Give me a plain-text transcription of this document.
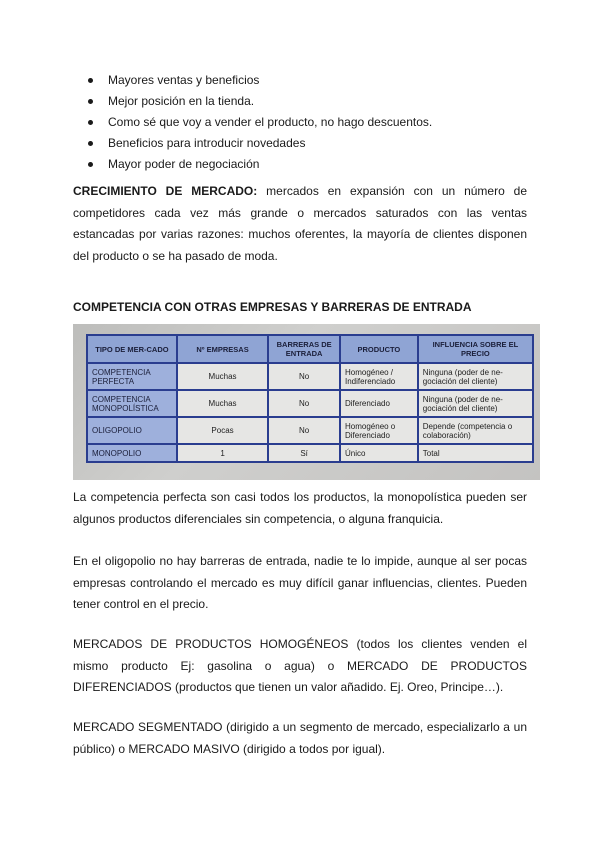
Mayores ventas y beneficios
Mejor posición en la tienda.
Como sé que voy a vender el producto, no hago descuentos.
Beneficios para introducir novedades
Mayor poder de negociación

CRECIMIENTO DE MERCADO: mercados en expansión con un número de competidores cada vez más grande o mercados saturados con las ventas estancadas por varias razones: muchos oferentes, la mayoría de clientes disponen del producto o se ha pasado de moda.

COMPETENCIA CON OTRAS EMPRESAS Y BARRERAS DE ENTRADA
TIPO DE MER-CADO	Nº EMPRESAS	BARRERAS DE ENTRADA	PRODUCTO	INFLUENCIA SOBRE EL PRECIO
COMPETENCIA PERFECTA	Muchas	No	Homogéneo / Indiferenciado	Ninguna (poder de ne-gociación del cliente)
COMPETENCIA MONOPOLÍSTICA	Muchas	No	Diferenciado	Ninguna (poder de ne-gociación del cliente)
OLIGOPOLIO	Pocas	No	Homogéneo o Diferenciado	Depende (competencia o colaboración)
MONOPOLIO	1	Sí	Único	Total

La competencia perfecta son casi todos los productos, la monopolística pueden ser algunos productos diferenciales sin competencia, o alguna franquicia.

En el oligopolio no hay barreras de entrada, nadie te lo impide, aunque al ser pocas empresas controlando el mercado es muy difícil ganar influencias, clientes. Pueden tener control en el precio.

MERCADOS DE PRODUCTOS HOMOGÉNEOS (todos los clientes venden el mismo producto Ej: gasolina o agua) o MERCADO DE PRODUCTOS DIFERENCIADOS (productos que tienen un valor añadido. Ej. Oreo, Principe…).

MERCADO SEGMENTADO (dirigido a un segmento de mercado, especializarlo a un público) o MERCADO MASIVO (dirigido a todos por igual).
